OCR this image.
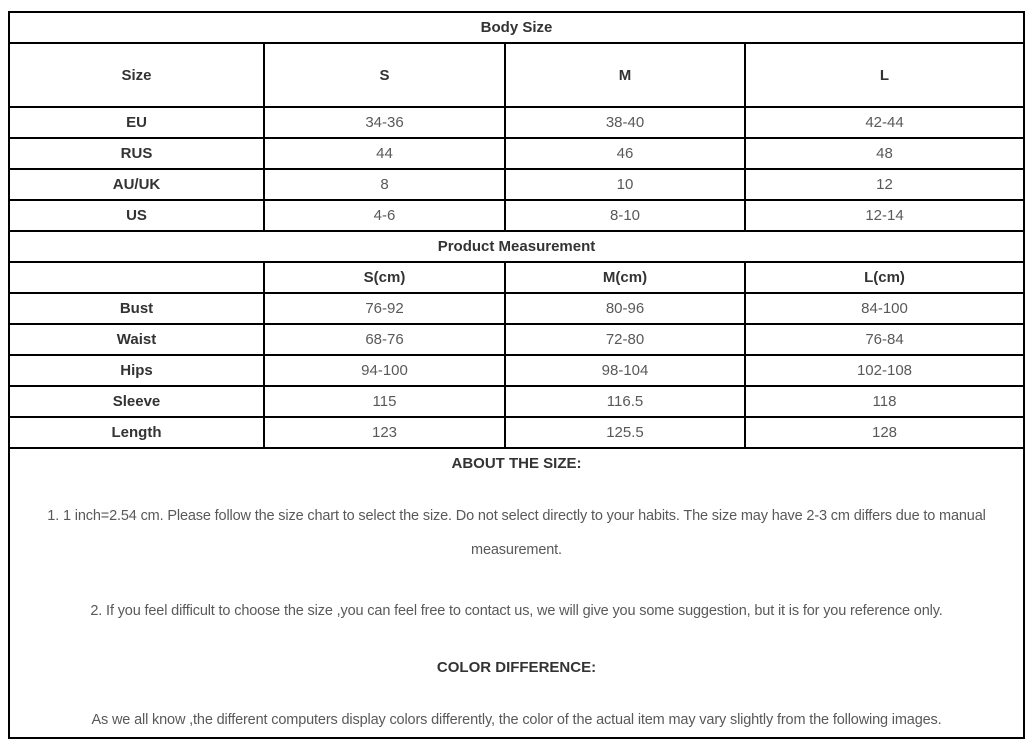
Body Size			
Size	S	M	L
EU	34-36	38-40	42-44
RUS	44	46	48
AU/UK	8	10	12
US	4-6	8-10	12-14
Product Measurement			
	S(cm)	M(cm)	L(cm)
Bust	76-92	80-96	84-100
Waist	68-76	72-80	76-84
Hips	94-100	98-104	102-108
Sleeve	115	116.5	118
Length	123	125.5	128

ABOUT THE SIZE:

1. 1 inch=2.54 cm. Please follow the size chart to select the size. Do not select directly to your habits. The size may have 2-3 cm differs due to manual measurement.

2. If you feel difficult to choose the size ,you can feel free to contact us, we will give you some suggestion, but it is for you reference only.

COLOR DIFFERENCE:

As we all know ,the different computers display colors differently, the color of the actual item may vary slightly from the following images.			
